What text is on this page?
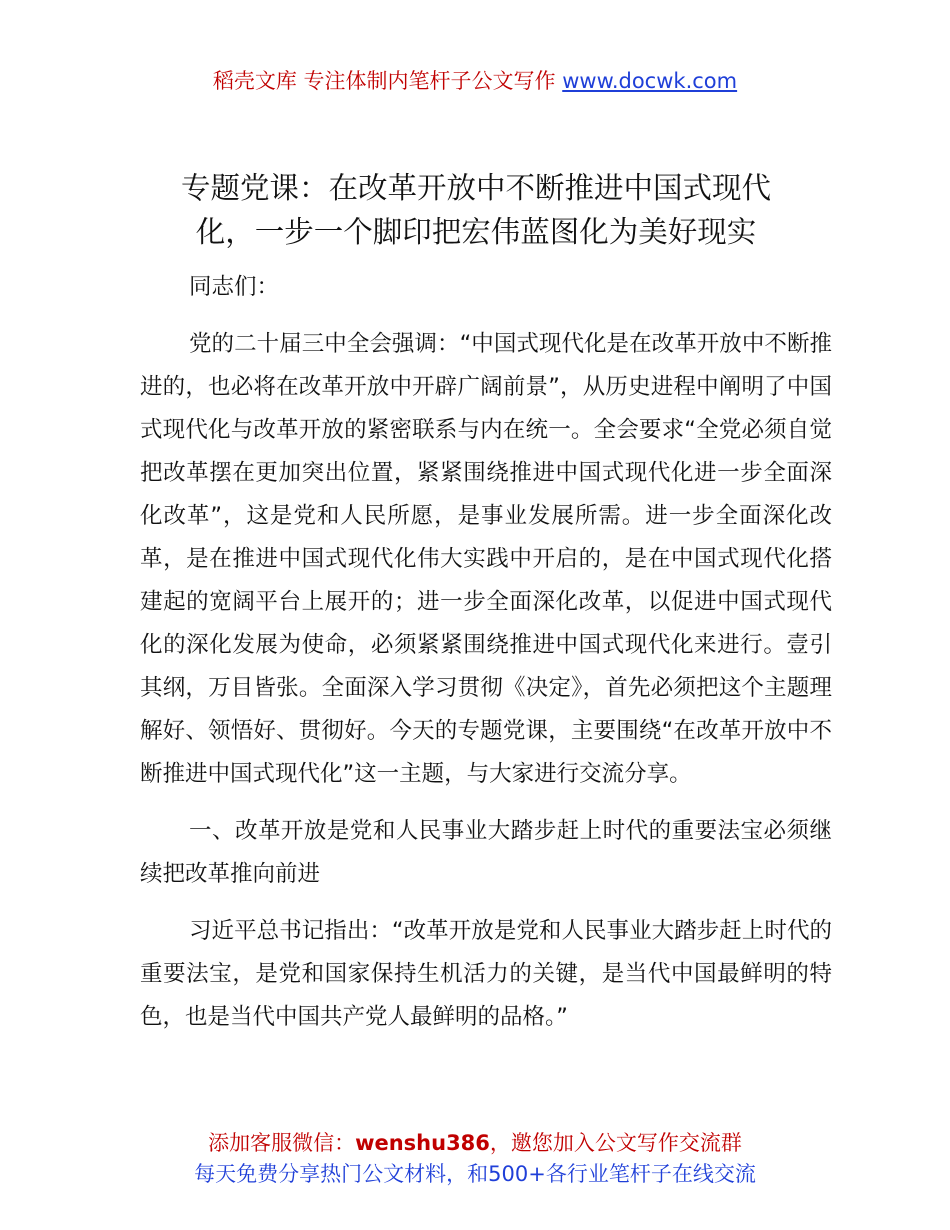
稻壳文库 专注体制内笔杆子公文写作 www.docwk.com
专题党课：在改革开放中不断推进中国式现代
化，一步一个脚印把宏伟蓝图化为美好现实

同志们：

党的二十届三中全会强调：“中国式现代化是在改革开放中不断推进的，也必将在改革开放中开辟广阔前景”，从历史进程中阐明了中国式现代化与改革开放的紧密联系与内在统一。全会要求“全党必须自觉把改革摆在更加突出位置，紧紧围绕推进中国式现代化进一步全面深化改革”，这是党和人民所愿，是事业发展所需。进一步全面深化改革，是在推进中国式现代化伟大实践中开启的，是在中国式现代化搭建起的宽阔平台上展开的；进一步全面深化改革，以促进中国式现代化的深化发展为使命，必须紧紧围绕推进中国式现代化来进行。壹引其纲，万目皆张。全面深入学习贯彻《决定》，首先必须把这个主题理解好、领悟好、贯彻好。今天的专题党课，主要围绕“在改革开放中不断推进中国式现代化”这一主题，与大家进行交流分享。

一、改革开放是党和人民事业大踏步赶上时代的重要法宝必须继续把改革推向前进

习近平总书记指出：“改革开放是党和人民事业大踏步赶上时代的重要法宝，是党和国家保持生机活力的关键，是当代中国最鲜明的特色，也是当代中国共产党人最鲜明的品格。”

添加客服微信：wenshu386，邀您加入公文写作交流群
每天免费分享热门公文材料，和500+各行业笔杆子在线交流
